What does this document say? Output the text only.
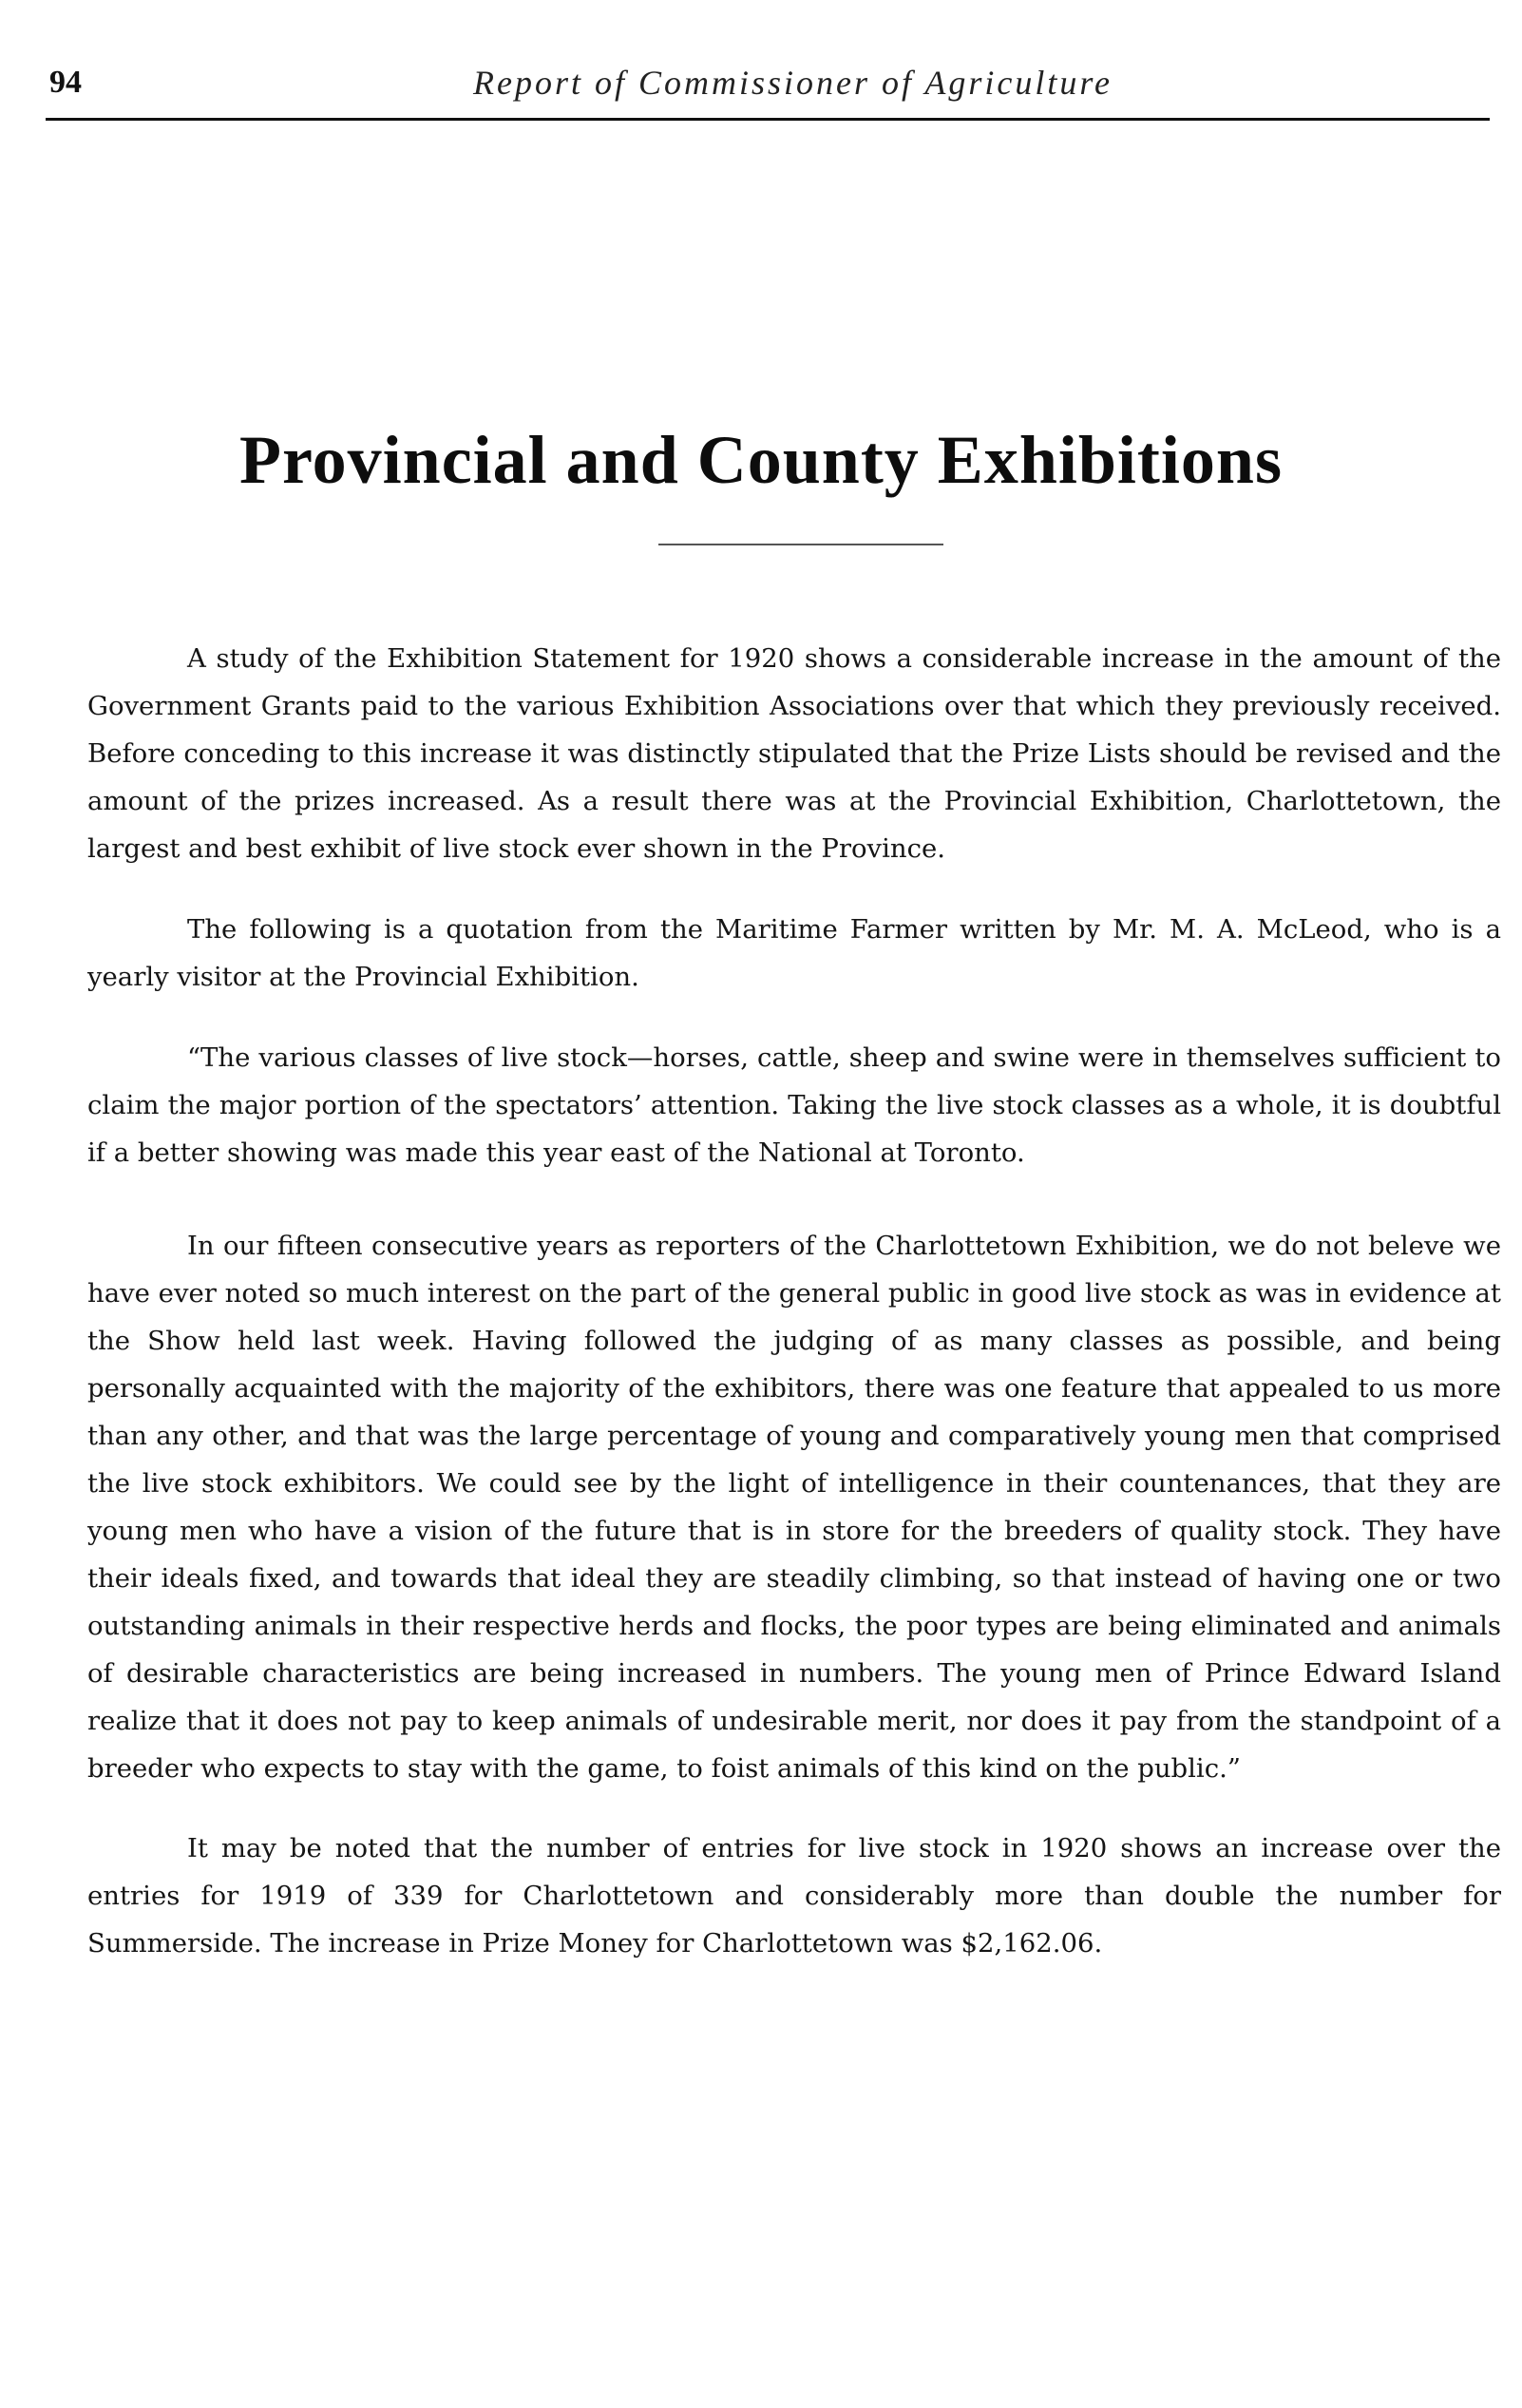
94	Report of Commissioner of Agriculture
Provincial and County Exhibitions

A study of the Exhibition Statement for 1920 shows a considerable increase in the amount of the Government Grants paid to the various Exhibition Associations over that which they previously received. Before conceding to this increase it was distinctly stipulated that the Prize Lists should be revised and the amount of the prizes increased. As a result there was at the Provincial Exhibition, Charlottetown, the largest and best exhibit of live stock ever shown in the Province.

The following is a quotation from the Maritime Farmer written by Mr. M. A. McLeod, who is a yearly visitor at the Provincial Exhibition.

“The various classes of live stock—horses, cattle, sheep and swine were in themselves sufficient to claim the major portion of the spectators’ attention. Taking the live stock classes as a whole, it is doubtful if a better showing was made this year east of the National at Toronto.

In our fifteen consecutive years as reporters of the Charlottetown Exhibition, we do not beleve we have ever noted so much interest on the part of the general public in good live stock as was in evidence at the Show held last week. Having followed the judging of as many classes as possible, and being personally acquainted with the majority of the exhibitors, there was one feature that appealed to us more than any other, and that was the large percentage of young and comparatively young men that comprised the live stock exhibitors. We could see by the light of intelligence in their countenances, that they are young men who have a vision of the future that is in store for the breeders of quality stock. They have their ideals fixed, and towards that ideal they are steadily climbing, so that instead of having one or two outstanding animals in their respective herds and flocks, the poor types are being eliminated and animals of desirable characteristics are being increased in numbers. The young men of Prince Edward Island realize that it does not pay to keep animals of undesirable merit, nor does it pay from the standpoint of a breeder who expects to stay with the game, to foist animals of this kind on the public.”

It may be noted that the number of entries for live stock in 1920 shows an increase over the entries for 1919 of 339 for Charlottetown and considerably more than double the number for Summerside. The increase in Prize Money for Charlottetown was $2,162.06.
